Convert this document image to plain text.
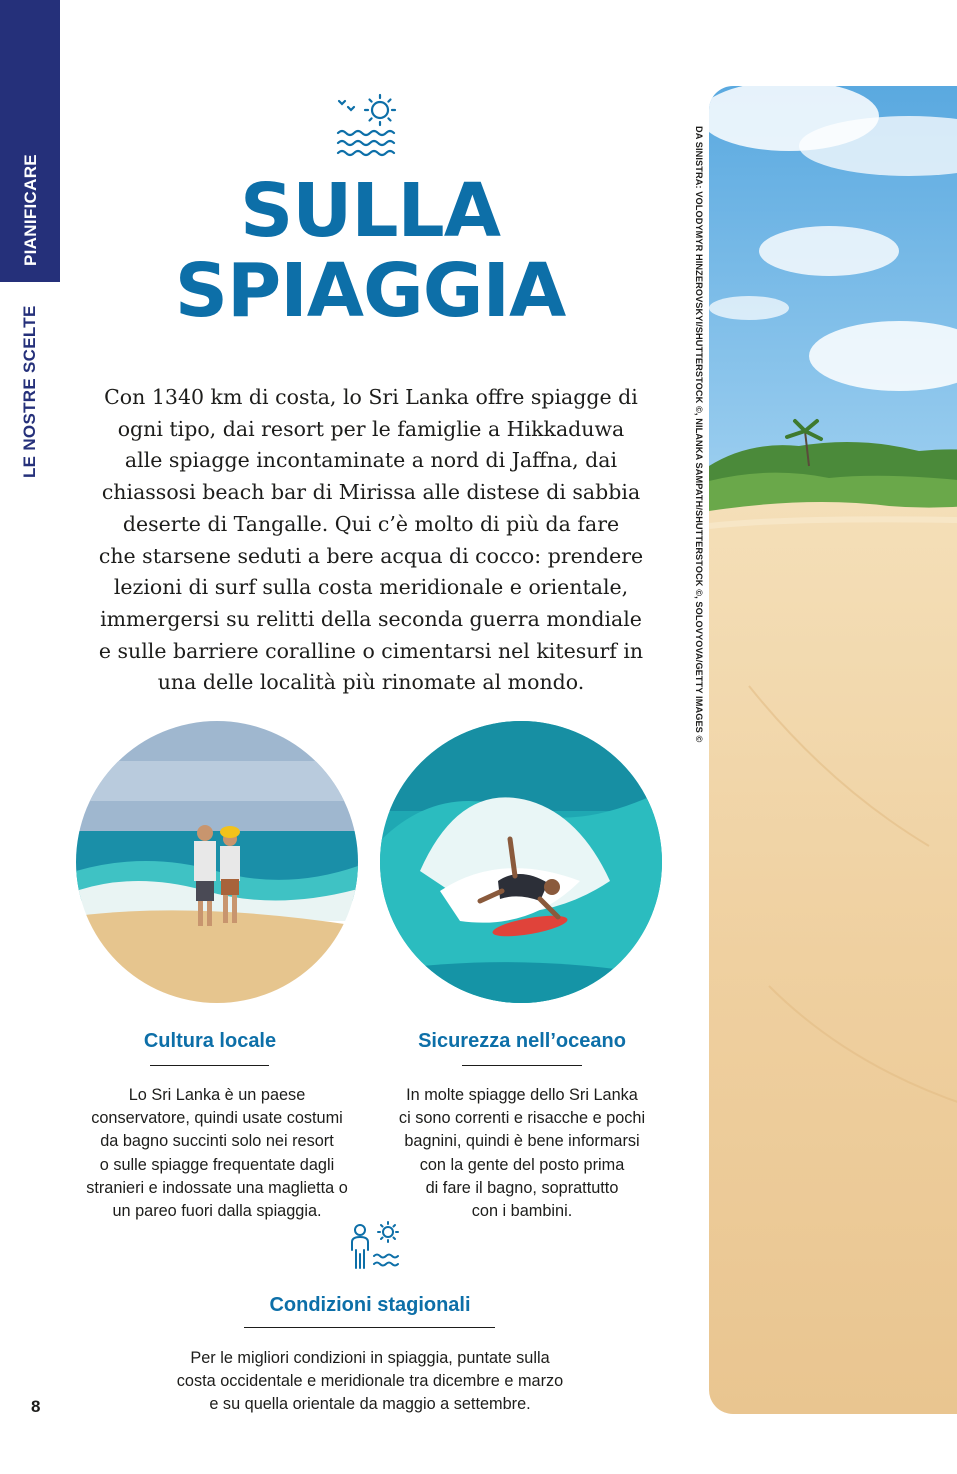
PIANIFICARE
LE NOSTRE SCELTE
SULLA
SPIAGGIA
Con 1340 km di costa, lo Sri Lanka offre spiagge di
ogni tipo, dai resort per le famiglie a Hikkaduwa
alle spiagge incontaminate a nord di Jaffna, dai
chiassosi beach bar di Mirissa alle distese di sabbia
deserte di Tangalle. Qui c’è molto di più da fare
che starsene seduti a bere acqua di cocco: prendere
lezioni di surf sulla costa meridionale e orientale,
immergersi su relitti della seconda guerra mondiale
e sulle barriere coralline o cimentarsi nel kitesurf in
una delle località più rinomate al mondo.	DA SINISTRA: VOLODYMYR HINZEROVSKYI/SHUTTERSTOCK ©, NILANKA SAMPATH/SHUTTERSTOCK ©, SOLOVYOVA/GETTY IMAGES ©
Cultura locale
Lo Sri Lanka è un paese
conservatore, quindi usate costumi
da bagno succinti solo nei resort
o sulle spiagge frequentate dagli
stranieri e indossate una maglietta o
un pareo fuori dalla spiaggia.
Sicurezza nell’oceano
In molte spiagge dello Sri Lanka
ci sono correnti e risacche e pochi
bagnini, quindi è bene informarsi
con la gente del posto prima
di fare il bagno, soprattutto
con i bambini.
Condizioni stagionali
Per le migliori condizioni in spiaggia, puntate sulla
costa occidentale e meridionale tra dicembre e marzo
e su quella orientale da maggio a settembre.
8
